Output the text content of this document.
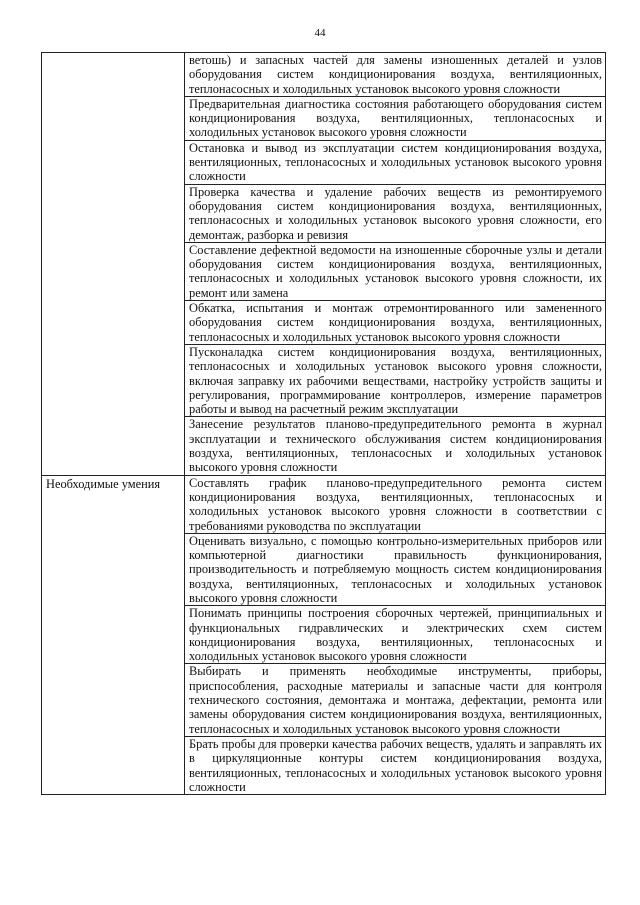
44

	ветошь) и запасных частей для замены изношенных деталей и узлов оборудования систем кондиционирования воздуха, вентиляционных, теплонасосных и холодильных установок высокого уровня сложности

	Предварительная диагностика состояния работающего оборудования систем кондиционирования воздуха, вентиляционных, теплонасосных и холодильных установок высокого уровня сложности

	Остановка и вывод из эксплуатации систем кондиционирования воздуха, вентиляционных, теплонасосных и холодильных установок высокого уровня сложности

	Проверка качества и удаление рабочих веществ из ремонтируемого оборудования систем кондиционирования воздуха, вентиляционных, теплонасосных и холодильных установок высокого уровня сложности, его демонтаж, разборка и ревизия

	Составление дефектной ведомости на изношенные сборочные узлы и детали оборудования систем кондиционирования воздуха, вентиляционных, теплонасосных и холодильных установок высокого уровня сложности, их ремонт или замена

	Обкатка, испытания и монтаж отремонтированного или замененного оборудования систем кондиционирования воздуха, вентиляционных, теплонасосных и холодильных установок высокого уровня сложности

	Пусконаладка систем кондиционирования воздуха, вентиляционных, теплонасосных и холодильных установок высокого уровня сложности, включая заправку их рабочими веществами, настройку устройств защиты и регулирования, программирование контроллеров, измерение параметров работы и вывод на расчетный режим эксплуатации

	Занесение результатов планово-предупредительного ремонта в журнал эксплуатации и технического обслуживания систем кондиционирования воздуха, вентиляционных, теплонасосных и холодильных установок высокого уровня сложности

Необходимые умения	Составлять график планово-предупредительного ремонта систем кондиционирования воздуха, вентиляционных, теплонасосных и холодильных установок высокого уровня сложности в соответствии с требованиями руководства по эксплуатации

	Оценивать визуально, с помощью контрольно-измерительных приборов или компьютерной диагностики правильность функционирования, производительность и потребляемую мощность систем кондиционирования воздуха, вентиляционных, теплонасосных и холодильных установок высокого уровня сложности

	Понимать принципы построения сборочных чертежей, принципиальных и функциональных гидравлических и электрических схем систем кондиционирования воздуха, вентиляционных, теплонасосных и холодильных установок высокого уровня сложности

	Выбирать и применять необходимые инструменты, приборы, приспособления, расходные материалы и запасные части для контроля технического состояния, демонтажа и монтажа, дефектации, ремонта или замены оборудования систем кондиционирования воздуха, вентиляционных, теплонасосных и холодильных установок высокого уровня сложности

	Брать пробы для проверки качества рабочих веществ, удалять и заправлять их в циркуляционные контуры систем кондиционирования воздуха, вентиляционных, теплонасосных и холодильных установок высокого уровня сложности
